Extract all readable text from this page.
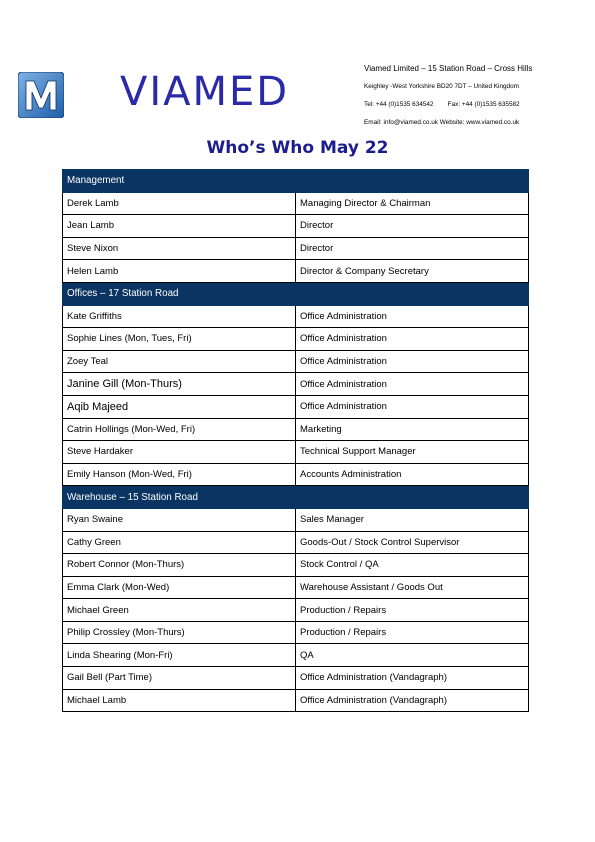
VIAMED
Viamed Limited – 15 Station Road – Cross Hills
Keighley -West Yorkshire BD20 7DT – United Kingdom
Tel: +44 (0)1535 634542        Fax: +44 (0)1535 635582
Email: info@viamed.co.uk Website: www.viamed.co.uk
Who’s Who May 22
Management	
Derek Lamb	Managing Director & Chairman
Jean Lamb	Director
Steve Nixon	Director
Helen Lamb	Director & Company Secretary
Offices – 17 Station Road	
Kate Griffiths	Office Administration
Sophie Lines (Mon, Tues, Fri)	Office Administration
Zoey Teal	Office Administration
Janine Gill (Mon-Thurs)	Office Administration
Aqib Majeed	Office Administration
Catrin Hollings (Mon-Wed, Fri)	Marketing
Steve Hardaker	Technical Support Manager
Emily Hanson (Mon-Wed, Fri)	Accounts Administration
Warehouse – 15 Station Road	
Ryan Swaine	Sales Manager
Cathy Green	Goods-Out / Stock Control Supervisor
Robert Connor (Mon-Thurs)	Stock Control / QA
Emma Clark (Mon-Wed)	Warehouse Assistant / Goods Out
Michael Green	Production / Repairs
Philip Crossley (Mon-Thurs)	Production / Repairs
Linda Shearing (Mon-Fri)	QA
Gail Bell (Part Time)	Office Administration (Vandagraph)
Michael Lamb	Office Administration (Vandagraph)
